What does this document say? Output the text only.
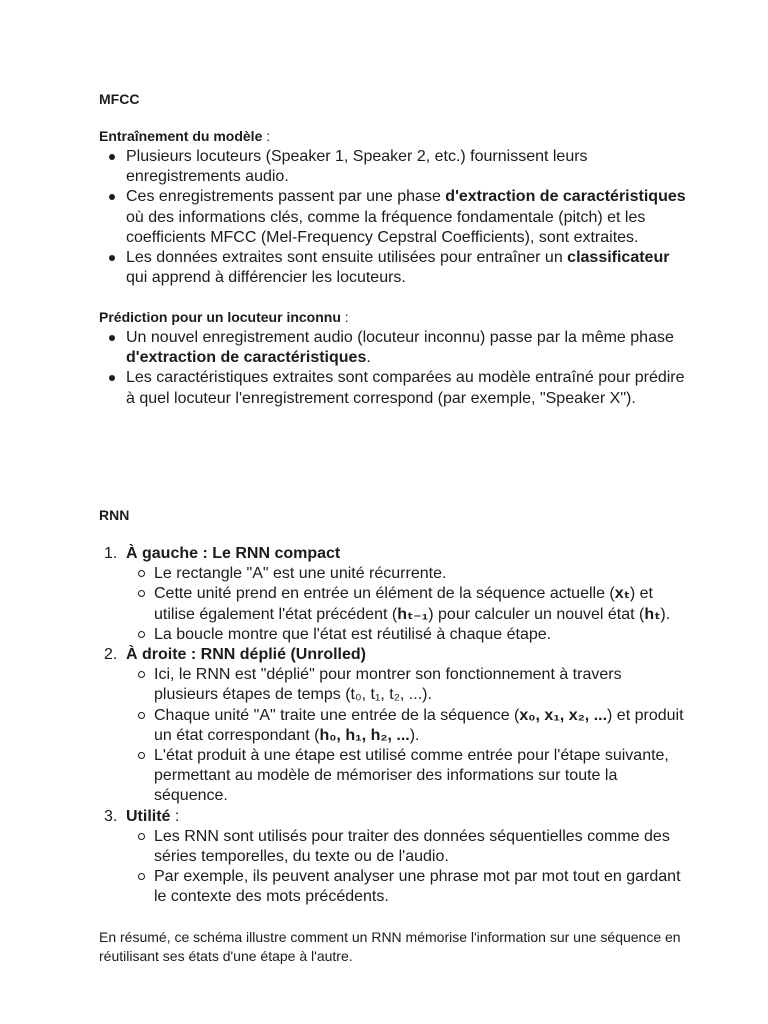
MFCC

Entraînement du modèle :

Plusieurs locuteurs (Speaker 1, Speaker 2, etc.) fournissent leurs enregistrements audio.
Ces enregistrements passent par une phase d'extraction de caractéristiques où des informations clés, comme la fréquence fondamentale (pitch) et les coefficients MFCC (Mel-Frequency Cepstral Coefficients), sont extraites.
Les données extraites sont ensuite utilisées pour entraîner un classificateur qui apprend à différencier les locuteurs.

Prédiction pour un locuteur inconnu :

Un nouvel enregistrement audio (locuteur inconnu) passe par la même phase d'extraction de caractéristiques.
Les caractéristiques extraites sont comparées au modèle entraîné pour prédire à quel locuteur l'enregistrement correspond (par exemple, "Speaker X").

RNN

1. À gauche : Le RNN compact
Le rectangle "A" est une unité récurrente.
Cette unité prend en entrée un élément de la séquence actuelle (xₜ) et utilise également l'état précédent (hₜ₋₁) pour calculer un nouvel état (hₜ).
La boucle montre que l'état est réutilisé à chaque étape.
2. À droite : RNN déplié (Unrolled)
Ici, le RNN est "déplié" pour montrer son fonctionnement à travers plusieurs étapes de temps (t₀, t₁, t₂, ...).
Chaque unité "A" traite une entrée de la séquence (x₀, x₁, x₂, ...) et produit un état correspondant (h₀, h₁, h₂, ...).
L'état produit à une étape est utilisé comme entrée pour l'étape suivante, permettant au modèle de mémoriser des informations sur toute la séquence.
3. Utilité :
Les RNN sont utilisés pour traiter des données séquentielles comme des séries temporelles, du texte ou de l'audio.
Par exemple, ils peuvent analyser une phrase mot par mot tout en gardant le contexte des mots précédents.

En résumé, ce schéma illustre comment un RNN mémorise l'information sur une séquence en réutilisant ses états d'une étape à l'autre.
